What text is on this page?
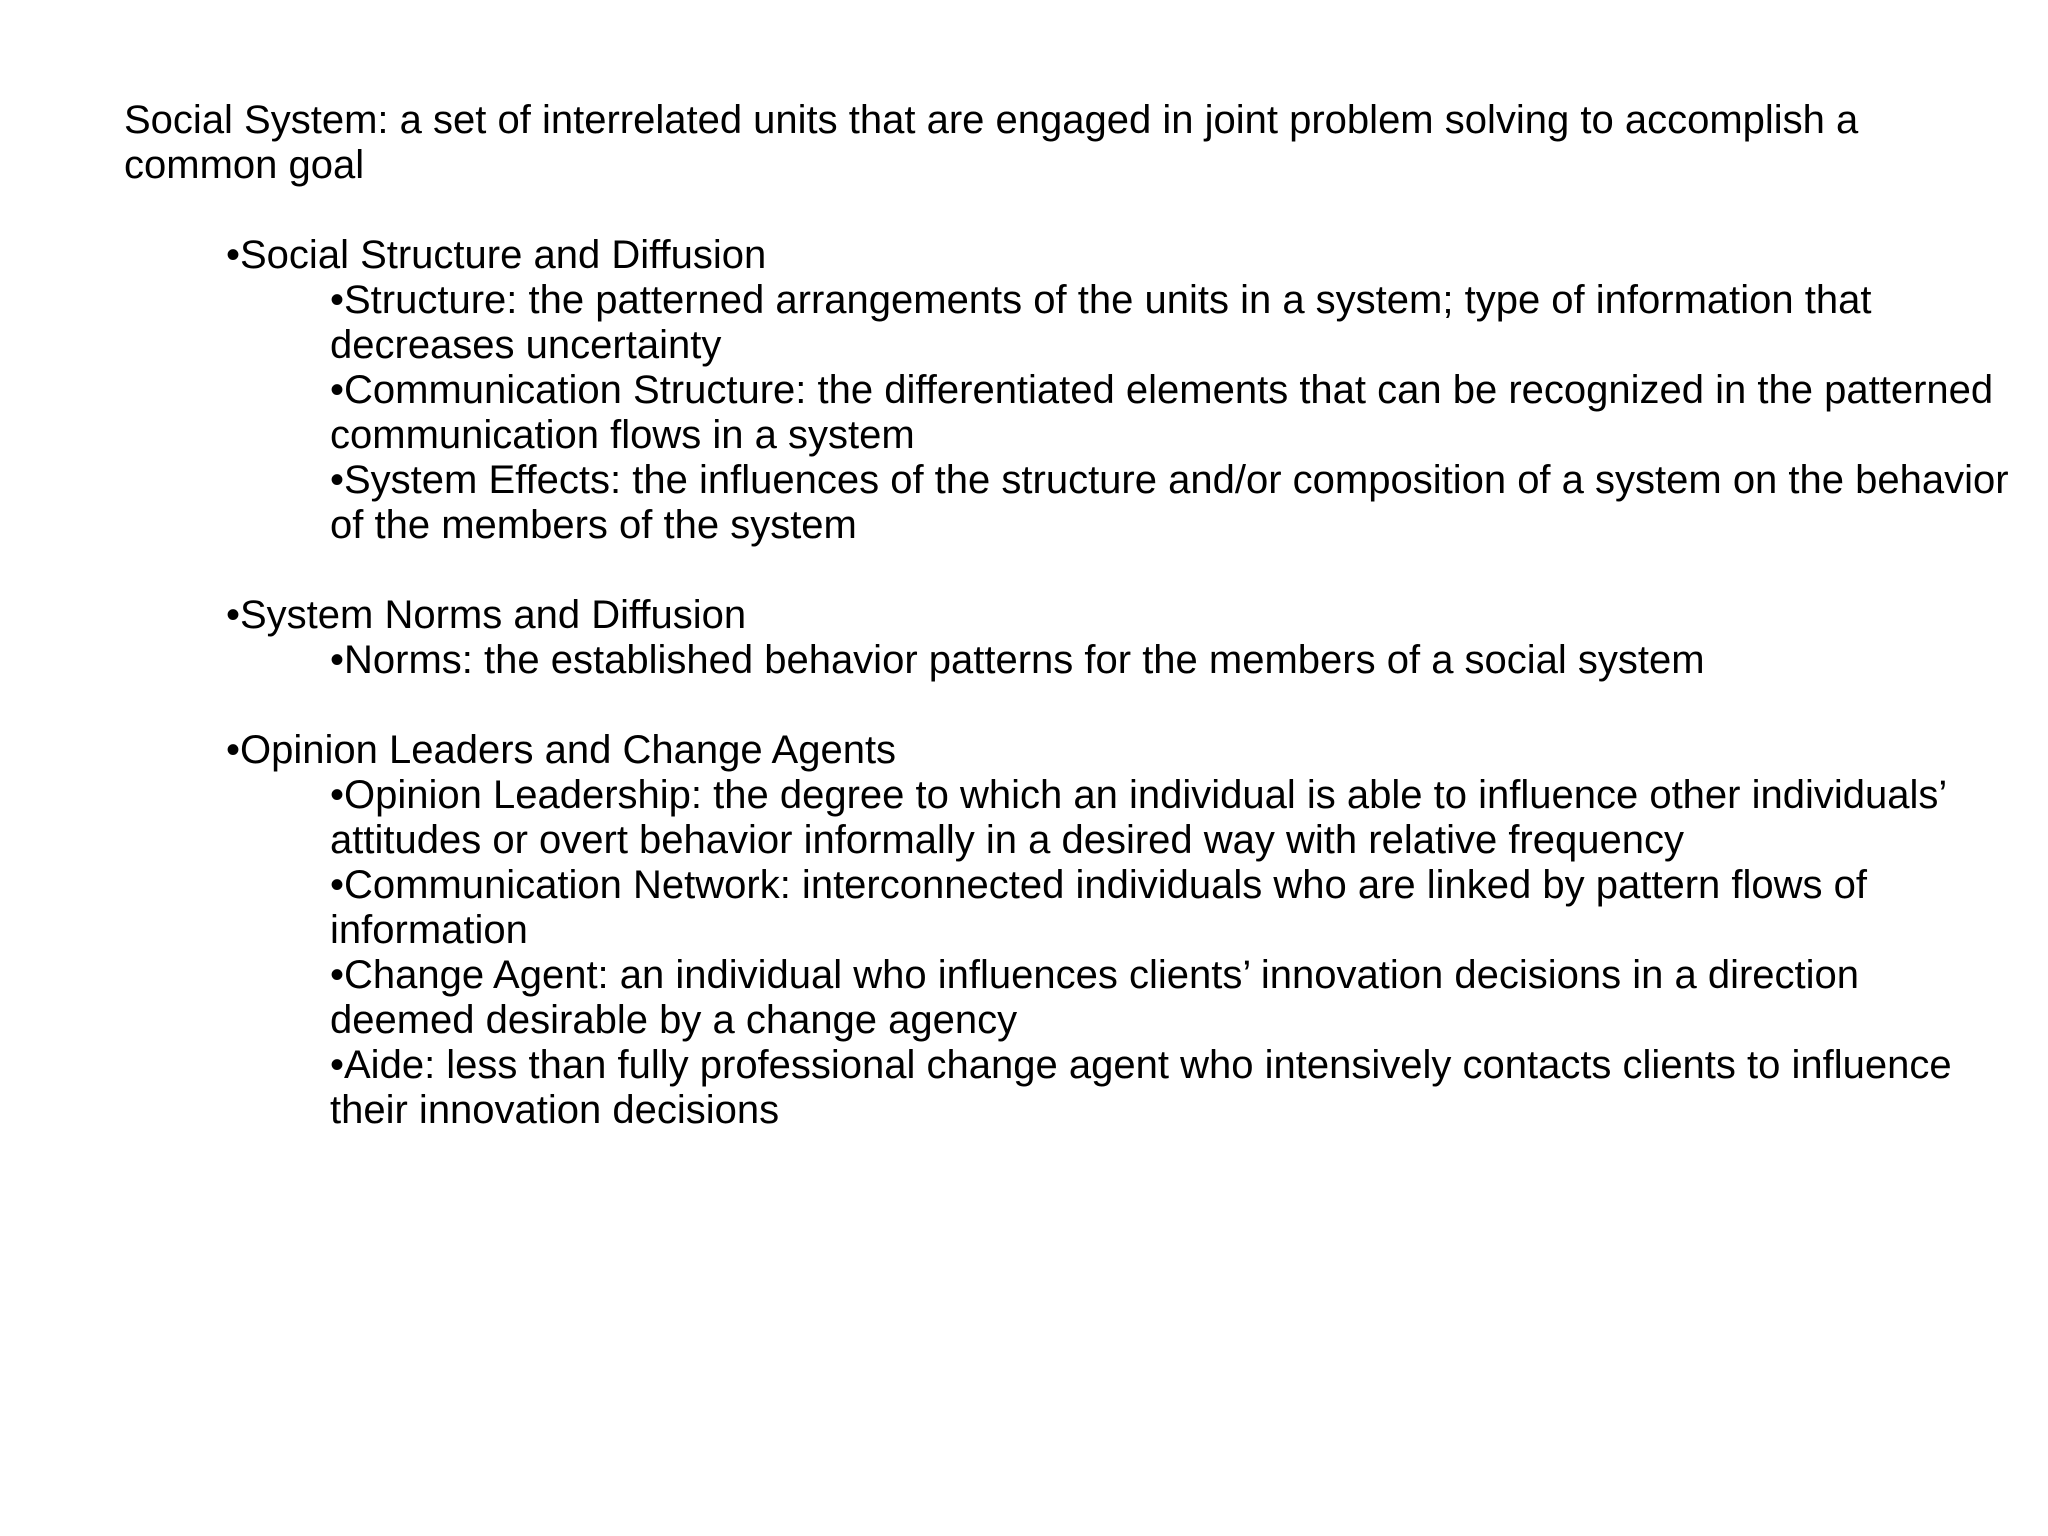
Social System: a set of interrelated units that are engaged in joint problem solving to accomplish a common goal
•Social Structure and Diffusion
•Structure: the patterned arrangements of the units in a system; type of information that decreases uncertainty
•Communication Structure: the differentiated elements that can be recognized in the patterned communication flows in a system
•System Effects: the influences of the structure and/or composition of a system on the behavior of the members of the system
•System Norms and Diffusion
•Norms: the established behavior patterns for the members of a social system
•Opinion Leaders and Change Agents
•Opinion Leadership: the degree to which an individual is able to influence other individuals’ attitudes or overt behavior informally in a desired way with relative frequency
•Communication Network: interconnected individuals who are linked by pattern flows of information
•Change Agent: an individual who influences clients’ innovation decisions in a direction deemed desirable by a change agency
•Aide: less than fully professional change agent who intensively contacts clients to influence their innovation decisions
